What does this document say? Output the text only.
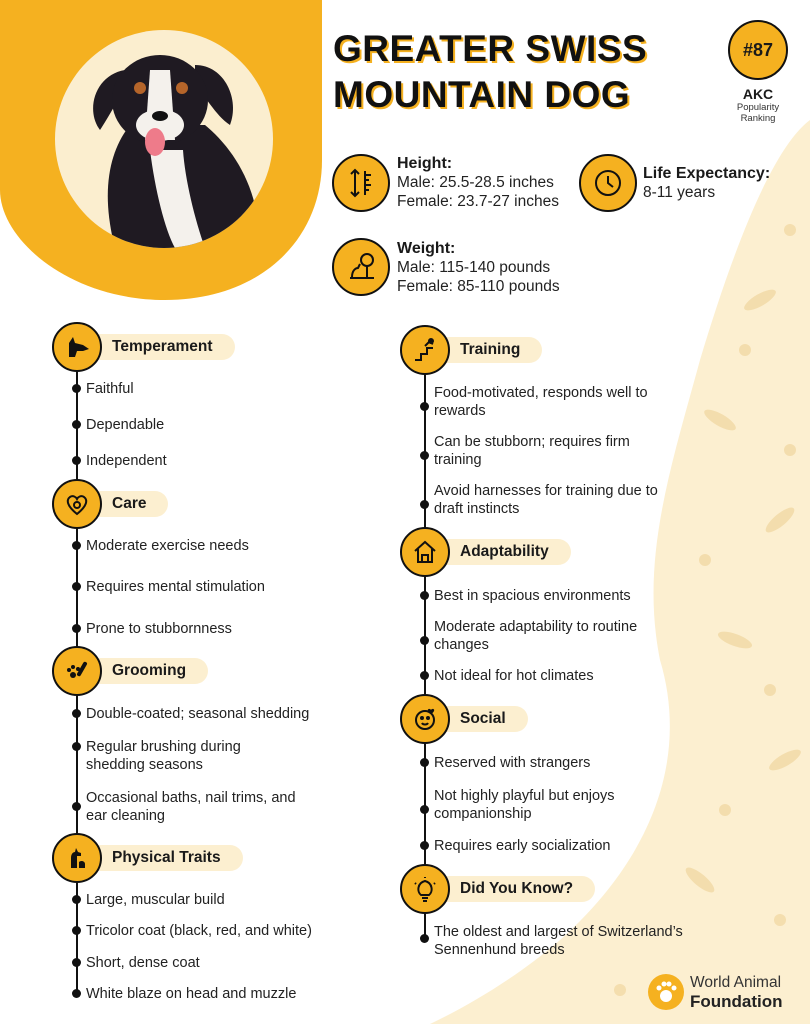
GREATER SWISS
MOUNTAIN DOG
#87
AKC
Popularity
Ranking
Height:
Male: 25.5-28.5 inches
Female: 23.7-27 inches
Life Expectancy:
8-11 years
Weight:
Male: 115-140 pounds
Female: 85-110 pounds
Temperament
Faithful
Dependable
Independent
Care
Moderate exercise needs
Requires mental stimulation
Prone to stubbornness
Grooming
Double-coated; seasonal shedding
Regular brushing during shedding seasons
Occasional baths, nail trims, and ear cleaning
Physical Traits
Large, muscular build
Tricolor coat (black, red, and white)
Short, dense coat
White blaze on head and muzzle
Training
Food-motivated, responds well to rewards
Can be stubborn; requires firm training
Avoid harnesses for training due to draft instincts
Adaptability
Best in spacious environments
Moderate adaptability to routine changes
Not ideal for hot climates
Social
Reserved with strangers
Not highly playful but enjoys companionship
Requires early socialization
Did You Know?
The oldest and largest of Switzerland’s Sennenhund breeds
World Animal
Foundation
